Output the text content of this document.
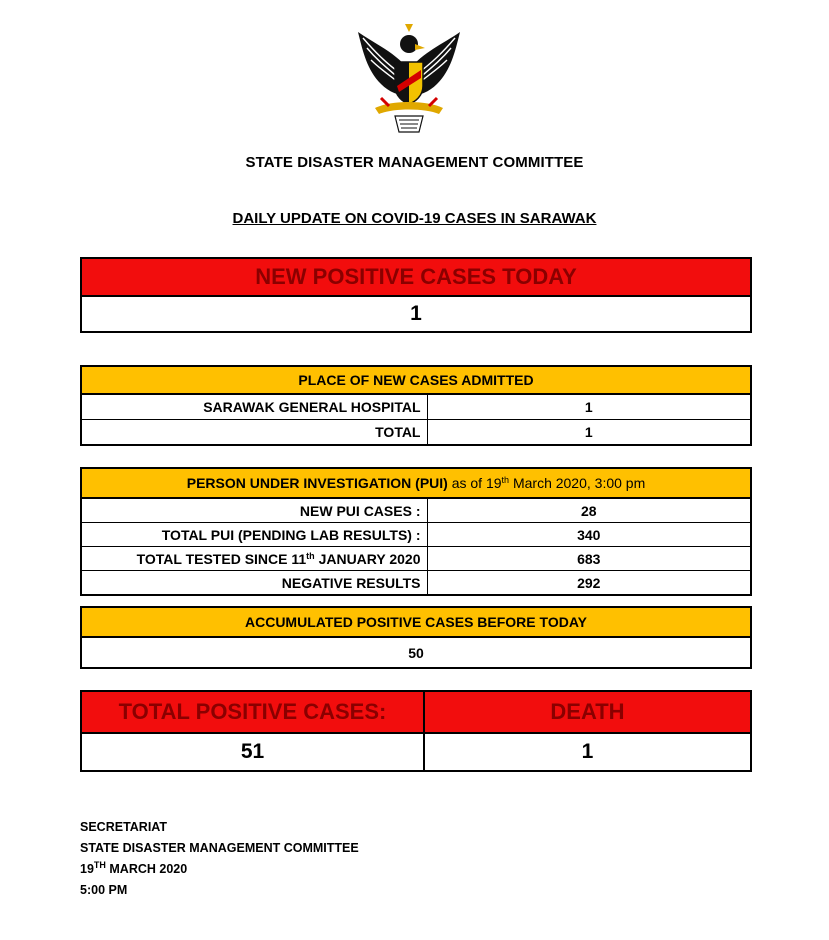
STATE DISASTER MANAGEMENT COMMITTEE
DAILY UPDATE ON COVID-19 CASES IN SARAWAK
NEW POSITIVE CASES TODAY
1
PLACE OF NEW CASES ADMITTED	
SARAWAK GENERAL HOSPITAL	1
TOTAL	1
PERSON UNDER INVESTIGATION (PUI) as of 19th March 2020, 3:00 pm	
NEW PUI CASES :	28
TOTAL PUI (PENDING LAB RESULTS) :	340
TOTAL TESTED SINCE 11th JANUARY 2020	683
NEGATIVE RESULTS	292
ACCUMULATED POSITIVE CASES BEFORE TODAY
50
TOTAL POSITIVE CASES:	DEATH
51	1
SECRETARIAT
STATE DISASTER MANAGEMENT COMMITTEE
19TH MARCH 2020
5:00 PM
